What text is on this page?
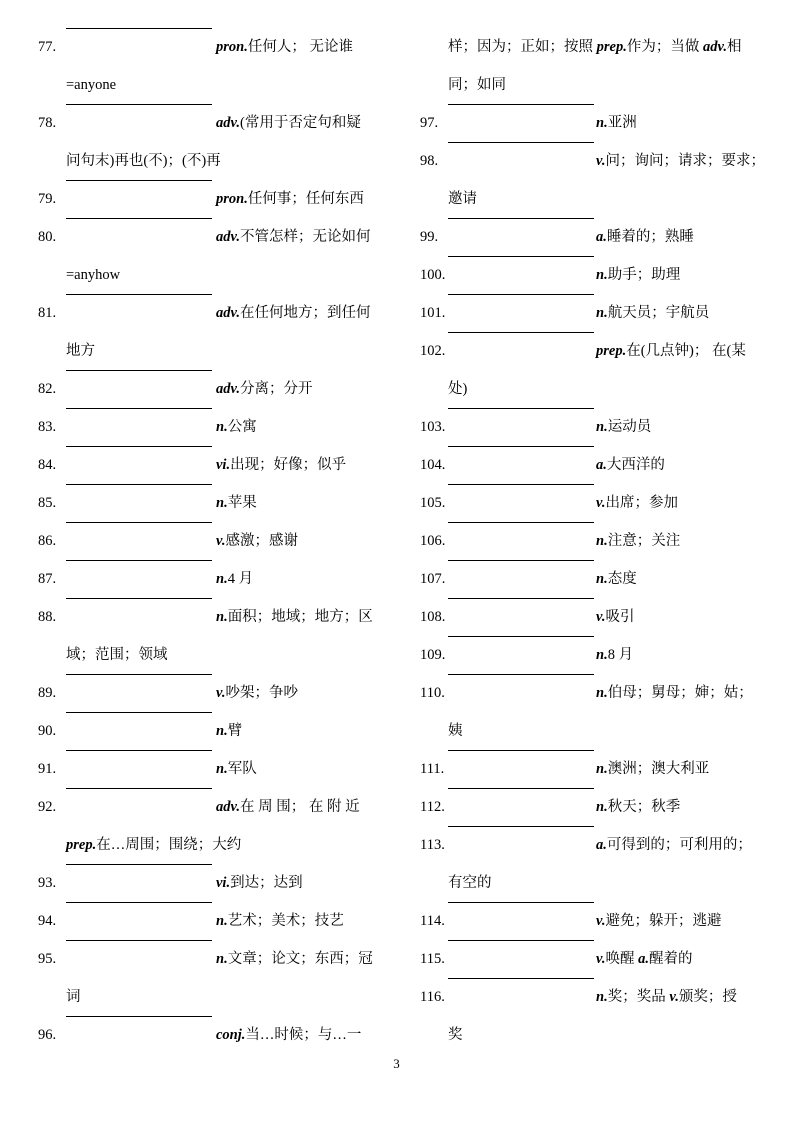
77.	pron.任何人； 无论谁
=anyone
78.	adv.(常用于否定句和疑
问句末)再也(不)；(不)再
79.	pron.任何事；任何东西
80.	adv.不管怎样；无论如何
=anyhow
81.	adv.在任何地方；到任何
地方
82.	adv.分离；分开
83.	n.公寓
84.	vi.出现；好像；似乎
85.	n.苹果
86.	v.感激；感谢
87.	n.4 月
88.	n.面积；地域；地方；区
域；范围；领域
89.	v.吵架；争吵
90.	n.臂
91.	n.军队
92.	adv.在 周 围； 在 附 近
prep.在…周围；围绕；大约
93.	vi.到达；达到
94.	n.艺术；美术；技艺
95.	n.文章；论文；东西；冠
词
96.	conj.当…时候；与…一
样；因为；正如；按照 prep.作为；当做 adv.相
同；如同
97.	n.亚洲
98.	v.问；询问；请求；要求；
邀请
99.	a.睡着的；熟睡
100.	n.助手；助理
101.	n.航天员；宇航员
102.	prep.在(几点钟)； 在(某
处)
103.	n.运动员
104.	a.大西洋的
105.	v.出席；参加
106.	n.注意；关注
107.	n.态度
108.	v.吸引
109.	n.8 月
110.	n.伯母；舅母；婶；姑；
姨
111.	n.澳洲；澳大利亚
112.	n.秋天；秋季
113.	a.可得到的；可利用的；
有空的
114.	v.避免；躲开；逃避
115.	v.唤醒 a.醒着的
116.	n.奖；奖品 v.颁奖；授
奖
3
